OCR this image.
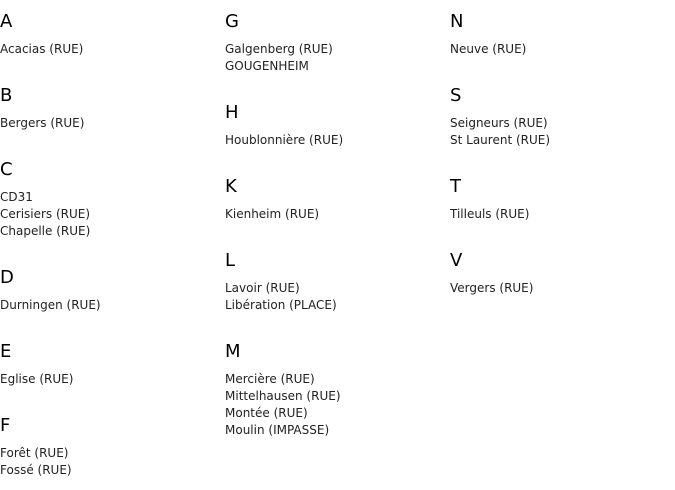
A
Acacias (RUE)
B
Bergers (RUE)
C
CD31
Cerisiers (RUE)
Chapelle (RUE)
D
Durningen (RUE)
E
Eglise (RUE)
F
Forêt (RUE)
Fossé (RUE)
G
Galgenberg (RUE)
GOUGENHEIM
H
Houblonnière (RUE)
K
Kienheim (RUE)
L
Lavoir (RUE)
Libération (PLACE)
M
Mercière (RUE)
Mittelhausen (RUE)
Montée (RUE)
Moulin (IMPASSE)
N
Neuve (RUE)
S
Seigneurs (RUE)
St Laurent (RUE)
T
Tilleuls (RUE)
V
Vergers (RUE)
